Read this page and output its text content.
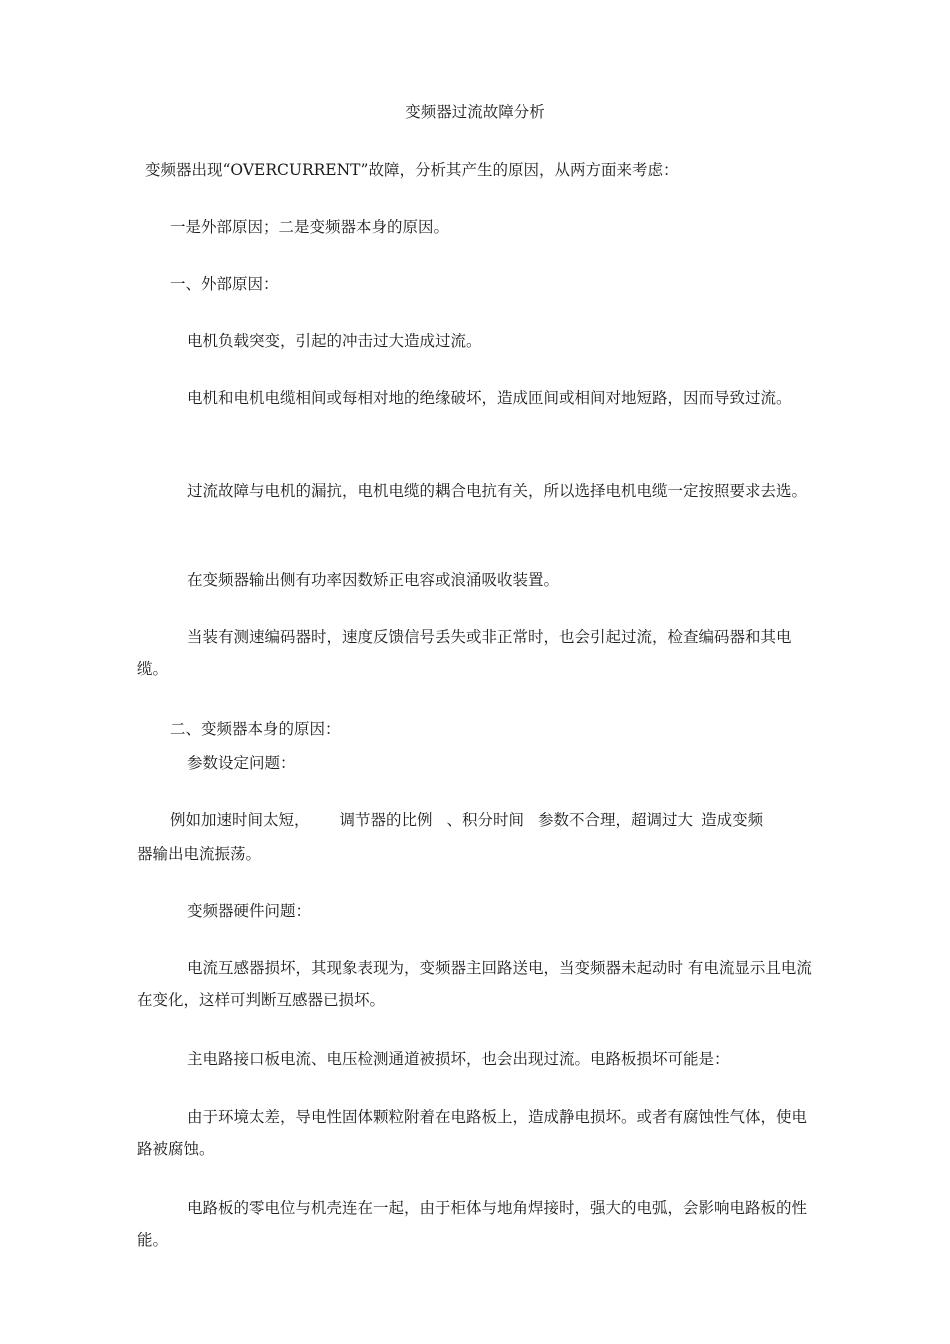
变频器过流故障分析
变频器出现“OVERCURRENT”故障，分析其产生的原因，从两方面来考虑：
一是外部原因；二是变频器本身的原因。
一、外部原因：
电机负载突变，引起的冲击过大造成过流。
电机和电机电缆相间或每相对地的绝缘破坏，造成匝间或相间对地短路，因而导致过流。
过流故障与电机的漏抗，电机电缆的耦合电抗有关，所以选择电机电缆一定按照要求去选。
在变频器输出侧有功率因数矫正电容或浪涌吸收装置。
当装有测速编码器时，速度反馈信号丢失或非正常时，也会引起过流，检查编码器和其电缆。
二、变频器本身的原因：
参数设定问题：
例如加速时间太短， 调节器的比例 、积分时间 参数不合理，超调过大 造成变频
器输出电流振荡。
变频器硬件问题：
电流互感器损坏，其现象表现为，变频器主回路送电，当变频器未起动时 有电流显示且电流在变化，这样可判断互感器已损坏。
主电路接口板电流、电压检测通道被损坏，也会出现过流。电路板损坏可能是：
由于环境太差，导电性固体颗粒附着在电路板上，造成静电损坏。或者有腐蚀性气体，使电路被腐蚀。
电路板的零电位与机壳连在一起，由于柜体与地角焊接时，强大的电弧，会影响电路板的性能。
